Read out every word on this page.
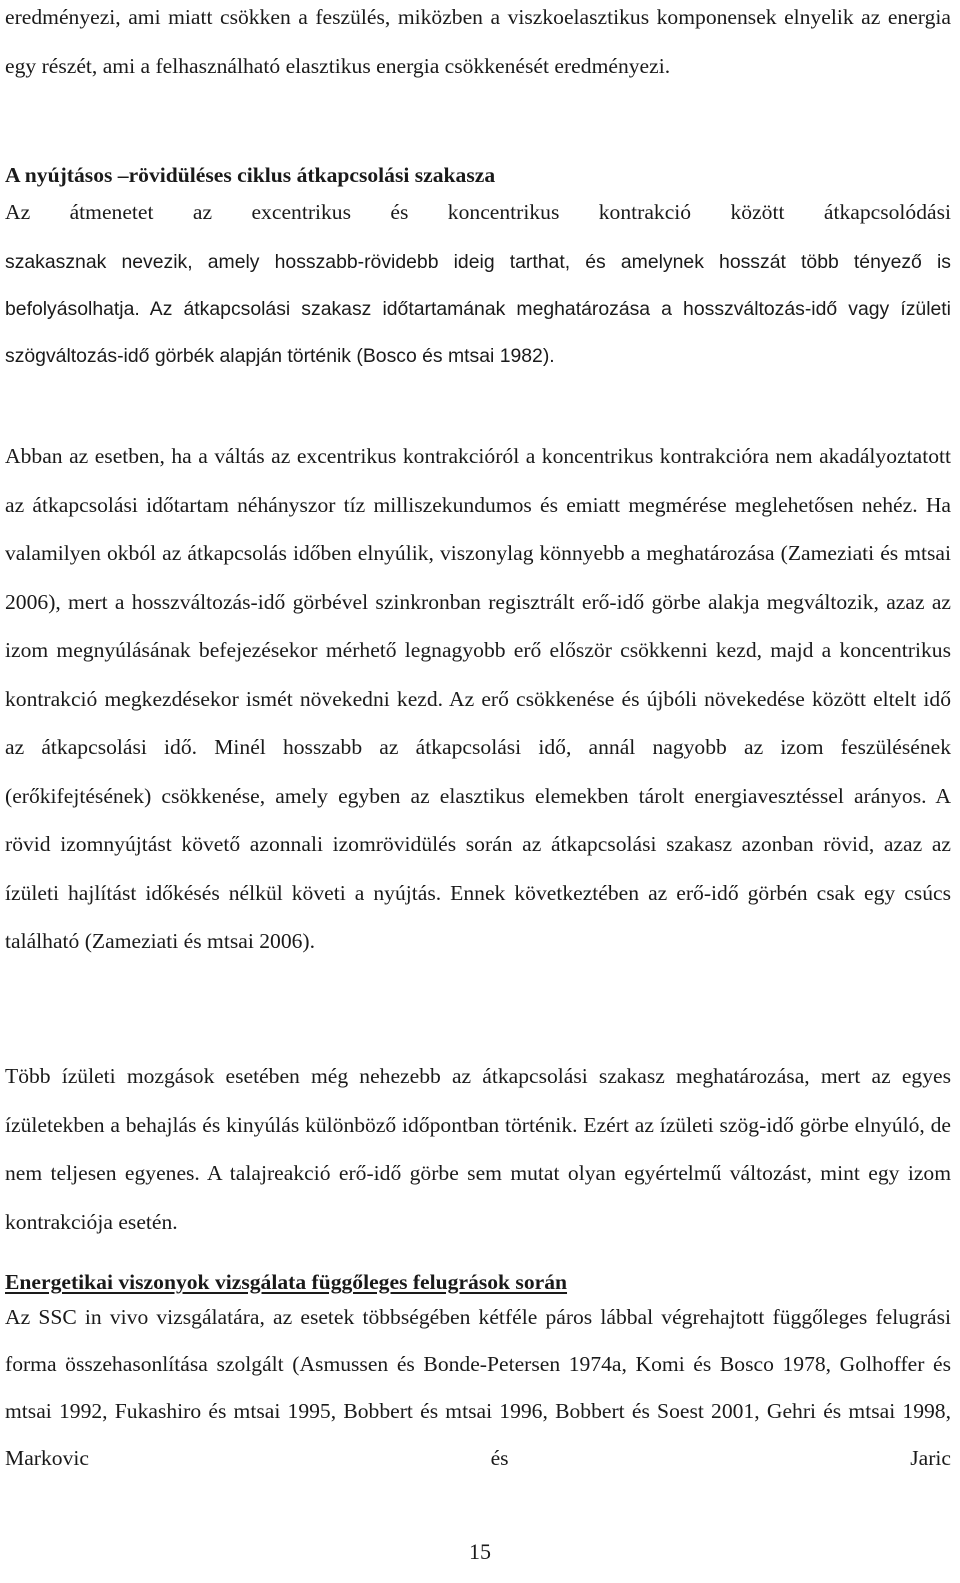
eredményezi, ami miatt csökken a feszülés, miközben a viszkoelasztikus komponensek elnyelik az energia egy részét, ami a felhasználható elasztikus energia csökkenését eredményezi.

A nyújtásos –rövidüléses ciklus átkapcsolási szakasza

Az átmenetet az excentrikus és koncentrikus kontrakció között átkapcsolódási

szakasznak nevezik, amely hosszabb-rövidebb ideig tarthat, és amelynek hosszát több tényező is befolyásolhatja. Az átkapcsolási szakasz időtartamának meghatározása a hosszváltozás-idő vagy ízületi szögváltozás-idő görbék alapján történik (Bosco és mtsai 1982).

Abban az esetben, ha a váltás az excentrikus kontrakcióról a koncentrikus kontrakcióra nem akadályoztatott az átkapcsolási időtartam néhányszor tíz milliszekundumos és emiatt megmérése meglehetősen nehéz. Ha valamilyen okból az átkapcsolás időben elnyúlik, viszonylag könnyebb a meghatározása (Zameziati és mtsai 2006), mert a hosszváltozás-idő görbével szinkronban regisztrált erő-idő görbe alakja megváltozik, azaz az izom megnyúlásának befejezésekor mérhető legnagyobb erő először csökkenni kezd, majd a koncentrikus kontrakció megkezdésekor ismét növekedni kezd. Az erő csökkenése és újbóli növekedése között eltelt idő az átkapcsolási idő. Minél hosszabb az átkapcsolási idő, annál nagyobb az izom feszülésének (erőkifejtésének) csökkenése, amely egyben az elasztikus elemekben tárolt energiavesztéssel arányos. A rövid izomnyújtást követő azonnali izomrövidülés során az átkapcsolási szakasz azonban rövid, azaz az ízületi hajlítást időkésés nélkül követi a nyújtás. Ennek következtében az erő-idő görbén csak egy csúcs található (Zameziati és mtsai 2006).

Több ízületi mozgások esetében még nehezebb az átkapcsolási szakasz meghatározása, mert az egyes ízületekben a behajlás és kinyúlás különböző időpontban történik. Ezért az ízületi szög-idő görbe elnyúló, de nem teljesen egyenes. A talajreakció erő-idő görbe sem mutat olyan egyértelmű változást, mint egy izom kontrakciója esetén.

Energetikai viszonyok vizsgálata függőleges felugrások során

Az SSC in vivo vizsgálatára, az esetek többségében kétféle páros lábbal végrehajtott függőleges felugrási forma összehasonlítása szolgált (Asmussen és Bonde-Petersen 1974a, Komi és Bosco 1978, Golhoffer és mtsai 1992, Fukashiro és mtsai 1995, Bobbert és mtsai 1996, Bobbert és Soest 2001, Gehri és mtsai 1998, Markovic és Jaric

15
